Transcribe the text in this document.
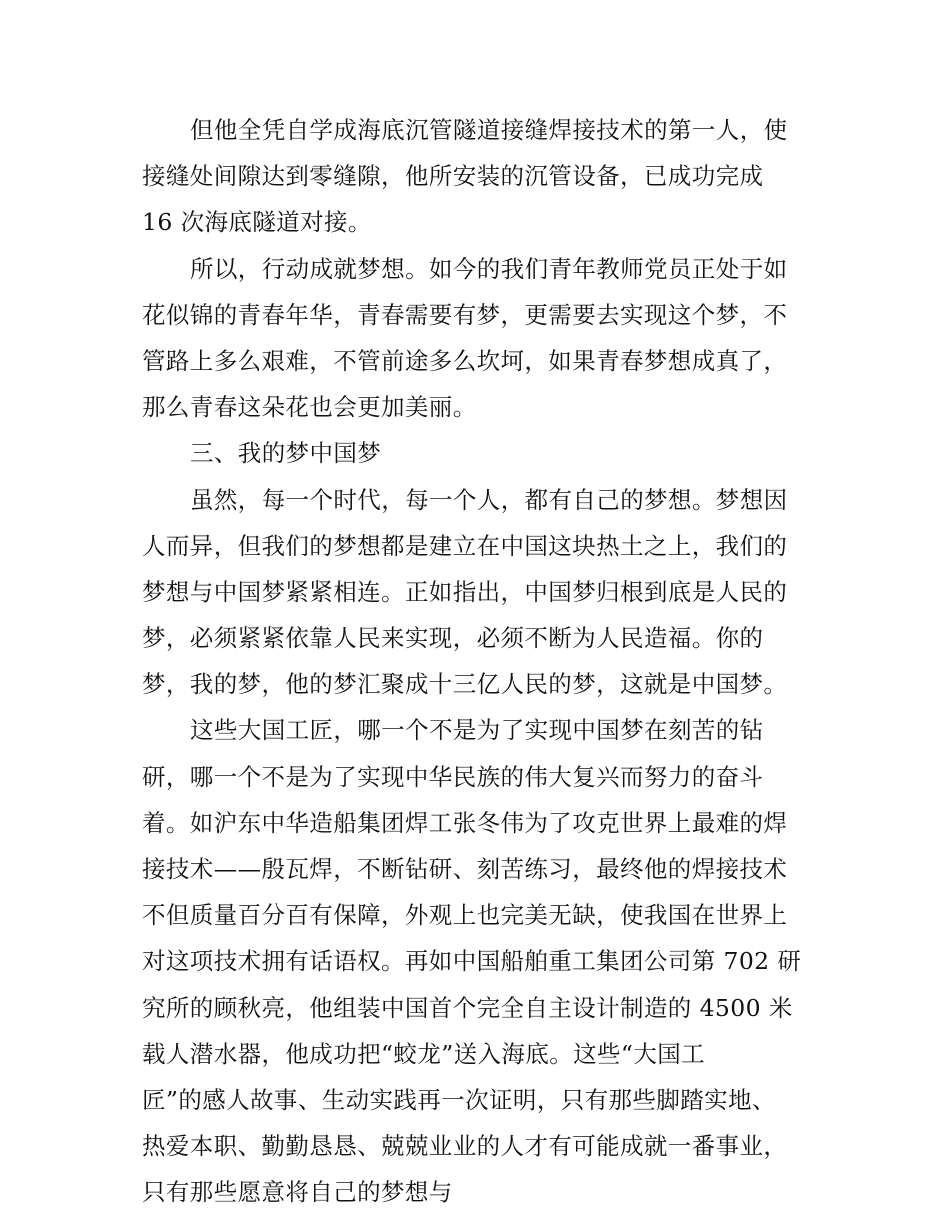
但他全凭自学成海底沉管隧道接缝焊接技术的第一人，使
接缝处间隙达到零缝隙，他所安装的沉管设备，已成功完成
16 次海底隧道对接。
所以，行动成就梦想。如今的我们青年教师党员正处于如
花似锦的青春年华，青春需要有梦，更需要去实现这个梦，不
管路上多么艰难，不管前途多么坎坷，如果青春梦想成真了，
那么青春这朵花也会更加美丽。
三、我的梦中国梦
虽然，每一个时代，每一个人，都有自己的梦想。梦想因
人而异，但我们的梦想都是建立在中国这块热土之上，我们的
梦想与中国梦紧紧相连。正如指出，中国梦归根到底是人民的
梦，必须紧紧依靠人民来实现，必须不断为人民造福。你的
梦，我的梦，他的梦汇聚成十三亿人民的梦，这就是中国梦。
这些大国工匠，哪一个不是为了实现中国梦在刻苦的钻
研，哪一个不是为了实现中华民族的伟大复兴而努力的奋斗
着。如沪东中华造船集团焊工张冬伟为了攻克世界上最难的焊
接技术——殷瓦焊，不断钻研、刻苦练习，最终他的焊接技术
不但质量百分百有保障，外观上也完美无缺，使我国在世界上
对这项技术拥有话语权。再如中国船舶重工集团公司第 702 研
究所的顾秋亮，他组装中国首个完全自主设计制造的 4500 米
载人潜水器，他成功把“蛟龙”送入海底。这些“大国工
匠”的感人故事、生动实践再一次证明，只有那些脚踏实地、
热爱本职、勤勤恳恳、兢兢业业的人才有可能成就一番事业，
只有那些愿意将自己的梦想与
